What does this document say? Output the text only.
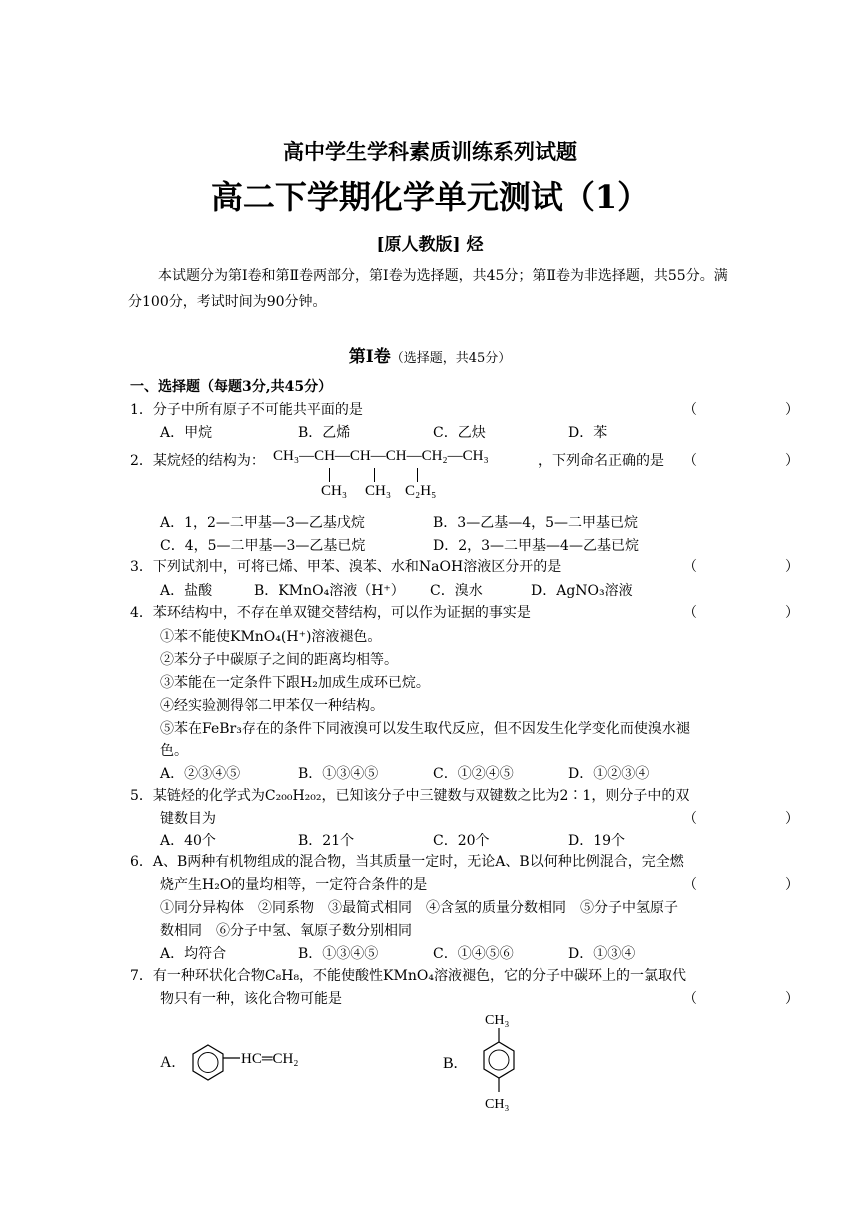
高中学生学科素质训练系列试题
高二下学期化学单元测试（1）
[原人教版] 烃
本试题分为第Ⅰ卷和第Ⅱ卷两部分，第Ⅰ卷为选择题，共45分；第Ⅱ卷为非选择题，共55分。满分100分，考试时间为90分钟。
第Ⅰ卷（选择题，共45分）
一、选择题（每题3分,共45分）
1．分子中所有原子不可能共平面的是	（　　）
A．甲烷	B．乙烯	C．乙炔	D．苯
2．某烷烃的结构为： CH₃—CH—CH—CH—CH₂—CH₃
CH₃ CH₃ C₂H₅
，下列命名正确的是 （　　）
A．1，2—二甲基—3—乙基戊烷	B．3—乙基—4，5—二甲基已烷
C．4，5—二甲基—3—乙基已烷	D．2，3—二甲基—4—乙基已烷
3．下列试剂中，可将已烯、甲苯、溴苯、水和NaOH溶液区分开的是	（　　）
A．盐酸	B．KMnO₄溶液（H⁺） C．溴水	D．AgNO₃溶液
4．苯环结构中，不存在单双键交替结构，可以作为证据的事实是	（　　）
①苯不能使KMnO₄(H⁺)溶液褪色。
②苯分子中碳原子之间的距离均相等。
③苯能在一定条件下跟H₂加成生成环已烷。
④经实验测得邻二甲苯仅一种结构。
⑤苯在FeBr₃存在的条件下同液溴可以发生取代反应，但不因发生化学变化而使溴水褪
色。
A．②③④⑤	B．①③④⑤	C．①②④⑤	D．①②③④
5．某链烃的化学式为C₂₀₀H₂₀₂，已知该分子中三键数与双键数之比为2∶1，则分子中的双
键数目为	（　　）
A．40个	B．21个	C．20个	D．19个
6．A、B两种有机物组成的混合物，当其质量一定时，无论A、B以何种比例混合，完全燃
烧产生H₂O的量均相等，一定符合条件的是	（　　）
①同分异构体　②同系物　③最简式相同　④含氢的质量分数相同　⑤分子中氢原子
数相同　⑥分子中氢、氧原子数分别相同
A．均符合	B．①③④⑤	C．①④⑤⑥	D．①③④
7．有一种环状化合物C₈H₈，不能使酸性KMnO₄溶液褪色，它的分子中碳环上的一氯取代
物只有一种，该化合物可能是	（　　）
A.	HC═CH₂	B.
CH₃
CH₃
